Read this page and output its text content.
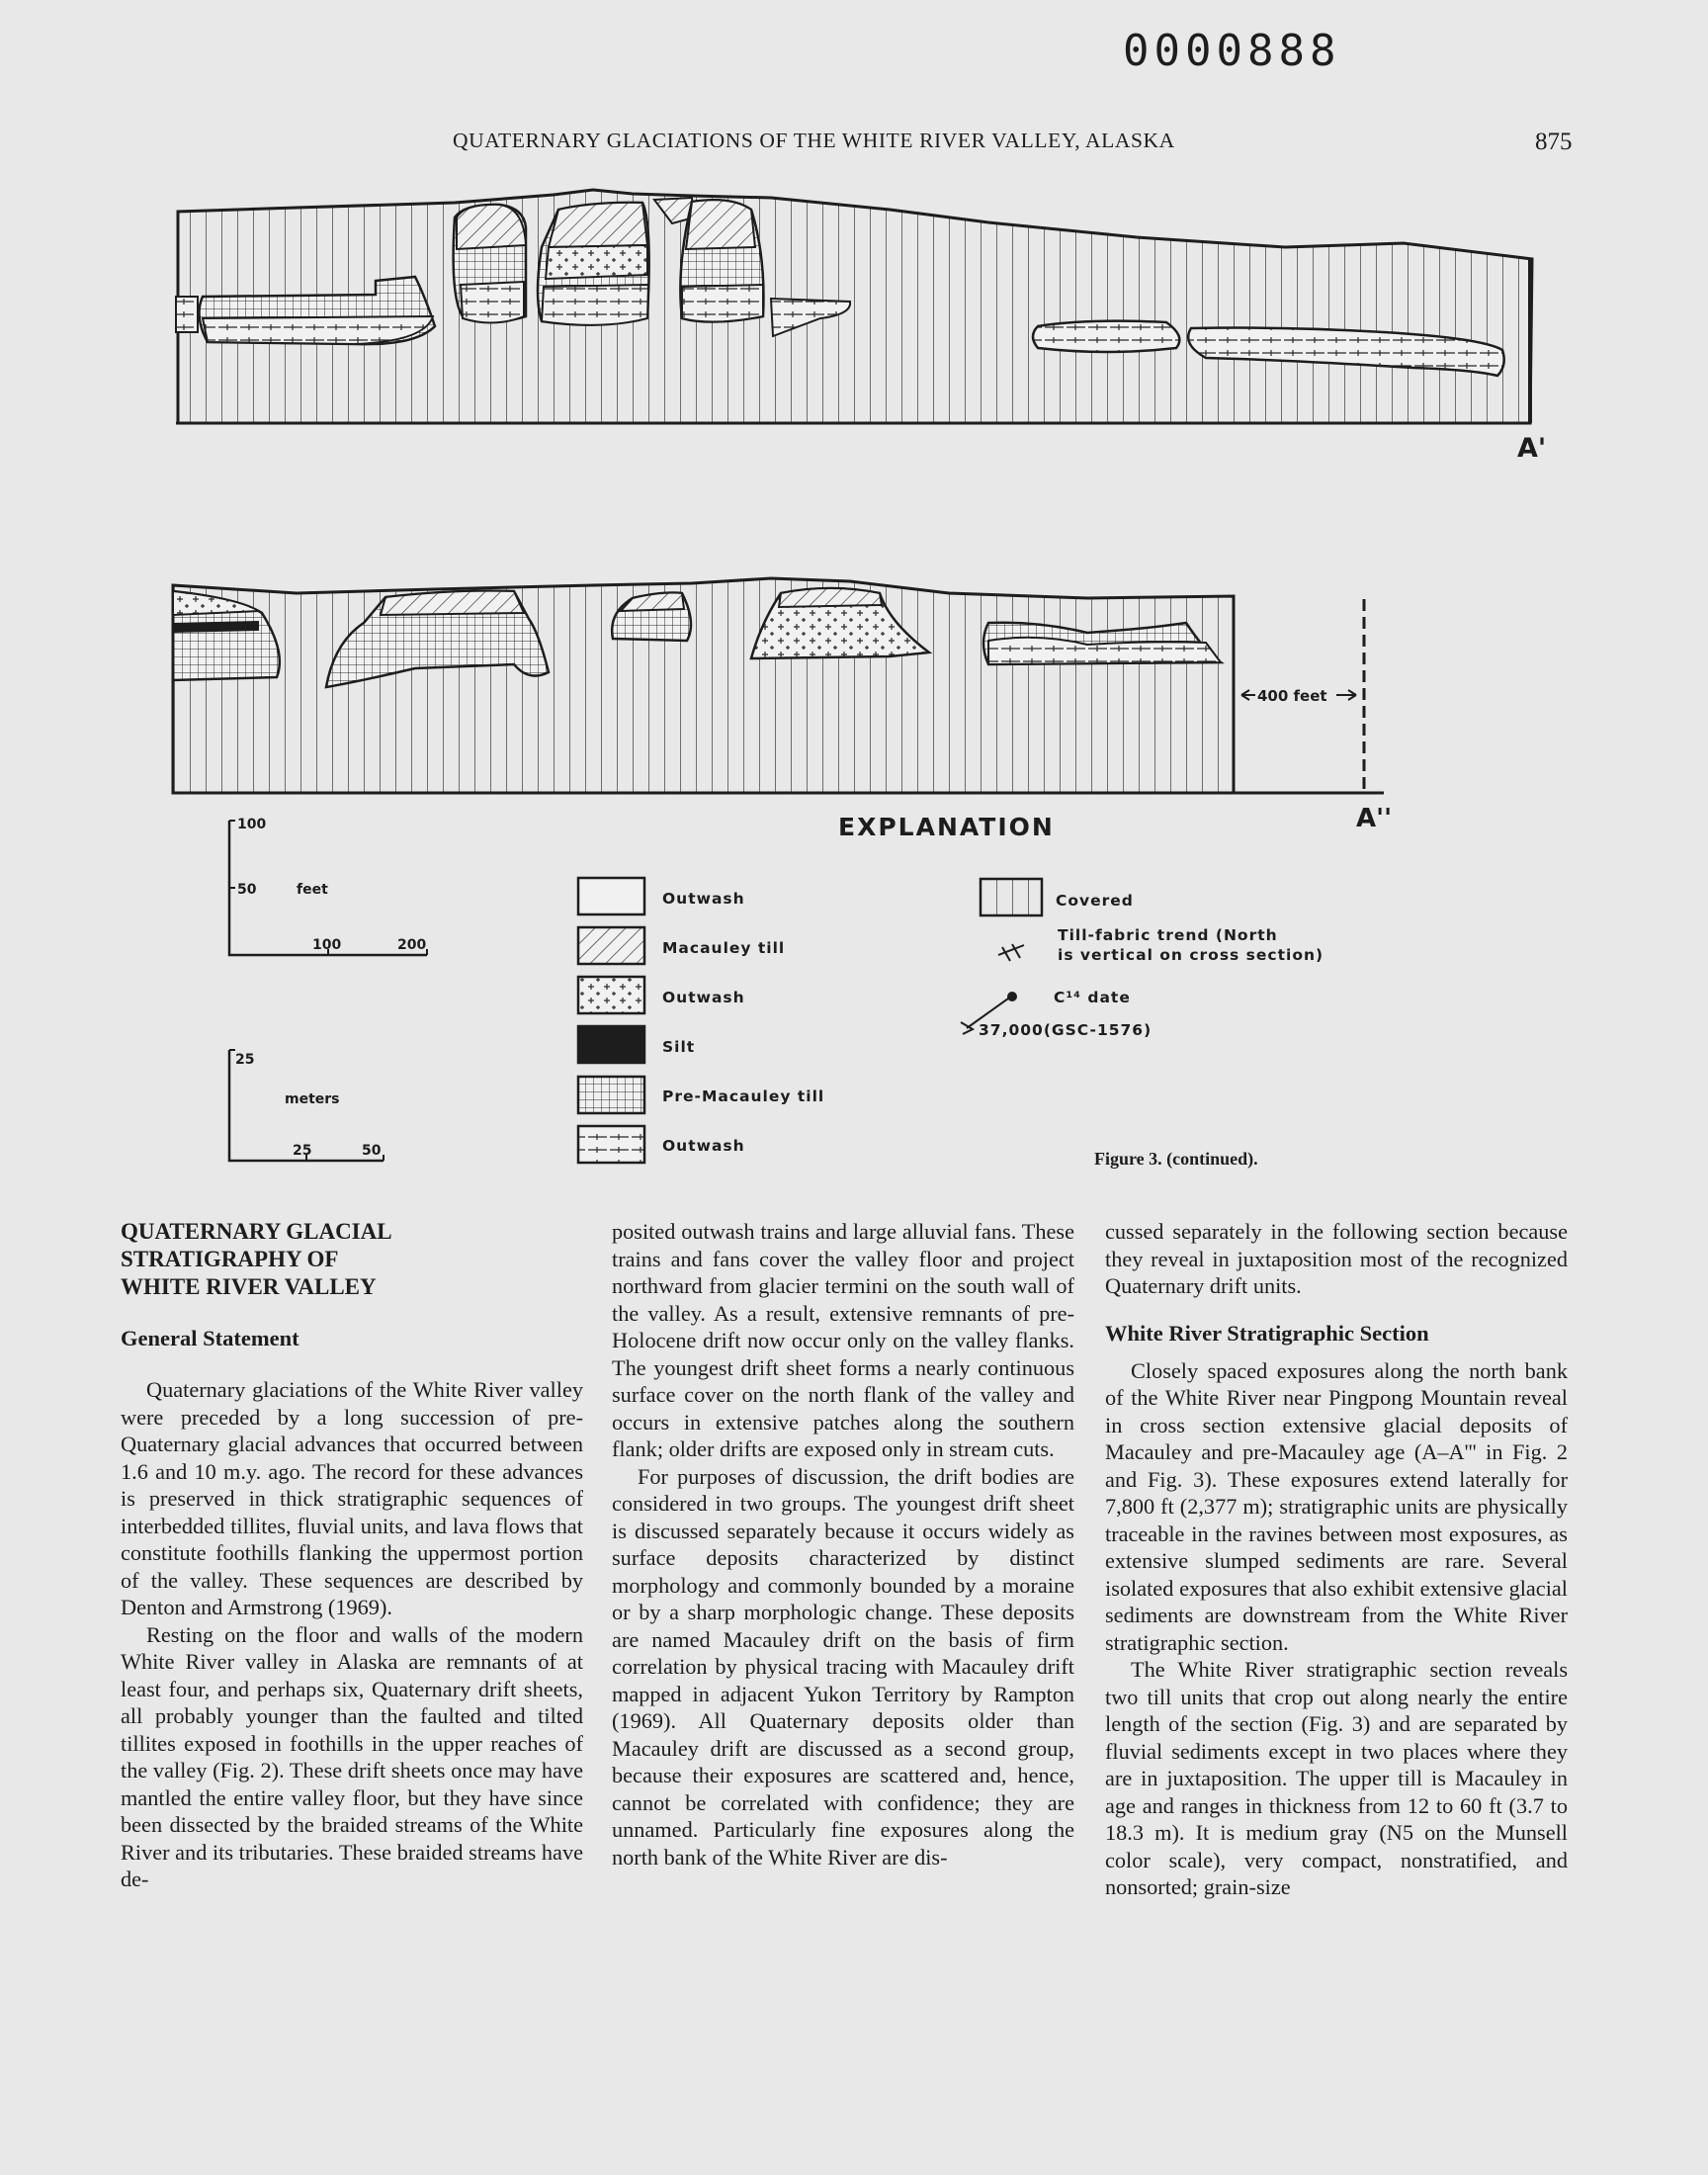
0000888
QUATERNARY GLACIATIONS OF THE WHITE RIVER VALLEY, ALASKA	875
A'
400 feet
A''
100
50	feet
100	200
25
meters
25	50
EXPLANATION
Outwash
Macauley till
Outwash
Silt
Pre-Macauley till
Outwash
Covered
Till-fabric trend (North
is vertical on cross section)
C¹⁴ date
37,000(GSC-1576)
Figure 3. (continued).
QUATERNARY GLACIAL
STRATIGRAPHY OF
WHITE RIVER VALLEY
General Statement

Quaternary glaciations of the White River valley were preceded by a long succession of pre-Quaternary glacial advances that occurred between 1.6 and 10 m.y. ago. The record for these advances is preserved in thick stratigraphic sequences of interbedded tillites, fluvial units, and lava flows that constitute foothills flanking the uppermost portion of the valley. These sequences are described by Denton and Armstrong (1969).

Resting on the floor and walls of the modern White River valley in Alaska are remnants of at least four, and perhaps six, Quaternary drift sheets, all probably younger than the faulted and tilted tillites exposed in foothills in the upper reaches of the valley (Fig. 2). These drift sheets once may have mantled the entire valley floor, but they have since been dissected by the braided streams of the White River and its tributaries. These braided streams have de-

posited outwash trains and large alluvial fans. These trains and fans cover the valley floor and project northward from glacier termini on the south wall of the valley. As a result, extensive remnants of pre-Holocene drift now occur only on the valley flanks. The youngest drift sheet forms a nearly continuous surface cover on the north flank of the valley and occurs in extensive patches along the southern flank; older drifts are exposed only in stream cuts.

For purposes of discussion, the drift bodies are considered in two groups. The youngest drift sheet is discussed separately because it occurs widely as surface deposits characterized by distinct morphology and commonly bounded by a moraine or by a sharp morphologic change. These deposits are named Macauley drift on the basis of firm correlation by physical tracing with Macauley drift mapped in adjacent Yukon Territory by Rampton (1969). All Quaternary deposits older than Macauley drift are discussed as a second group, because their exposures are scattered and, hence, cannot be correlated with confidence; they are unnamed. Particularly fine exposures along the north bank of the White River are dis-

cussed separately in the following section because they reveal in juxtaposition most of the recognized Quaternary drift units.

White River Stratigraphic Section

Closely spaced exposures along the north bank of the White River near Pingpong Mountain reveal in cross section extensive glacial deposits of Macauley and pre-Macauley age (A–A''' in Fig. 2 and Fig. 3). These exposures extend laterally for 7,800 ft (2,377 m); stratigraphic units are physically traceable in the ravines between most exposures, as extensive slumped sediments are rare. Several isolated exposures that also exhibit extensive glacial sediments are downstream from the White River stratigraphic section.

The White River stratigraphic section reveals two till units that crop out along nearly the entire length of the section (Fig. 3) and are separated by fluvial sediments except in two places where they are in juxtaposition. The upper till is Macauley in age and ranges in thickness from 12 to 60 ft (3.7 to 18.3 m). It is medium gray (N5 on the Munsell color scale), very compact, nonstratified, and nonsorted; grain-size
